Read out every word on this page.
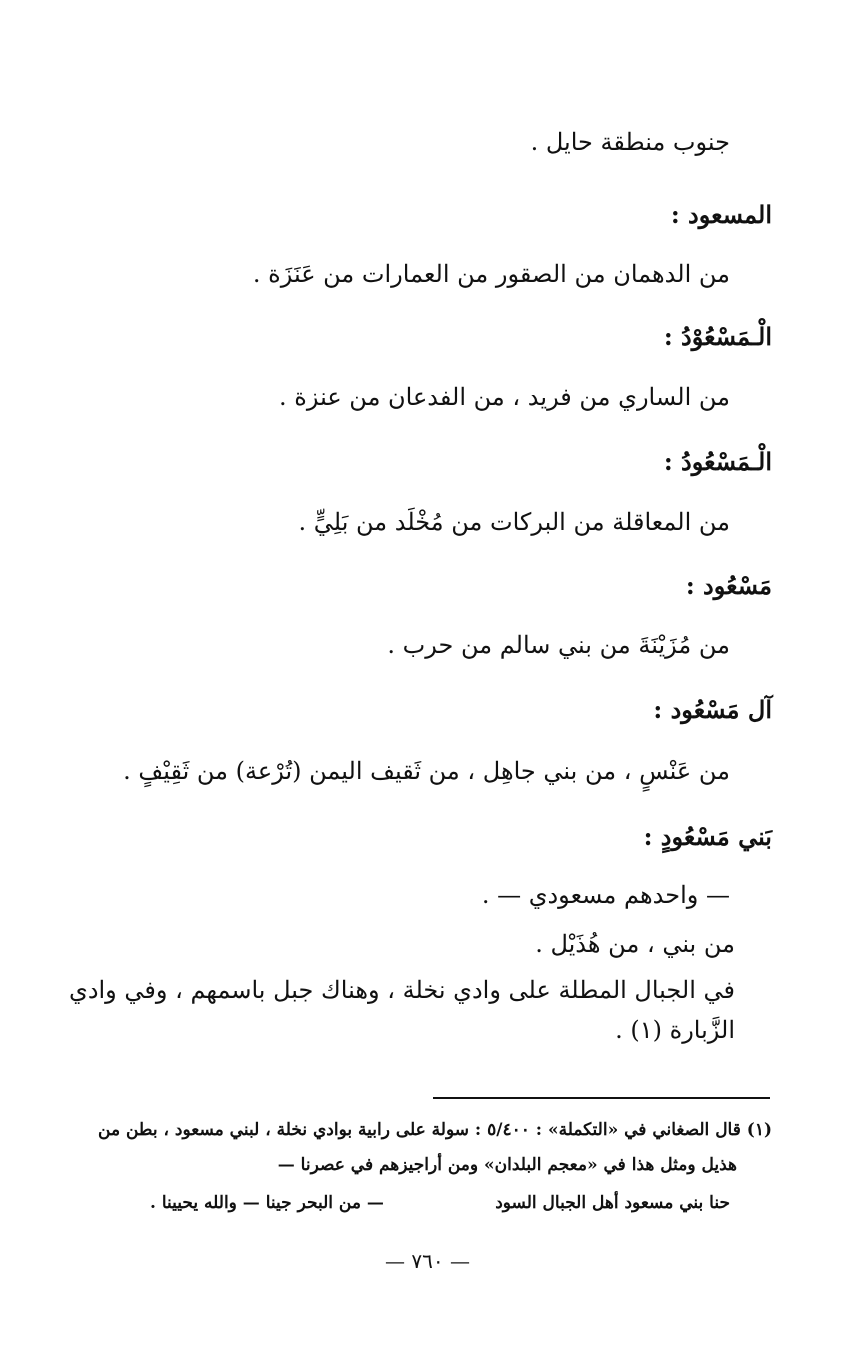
جنوب منطقة حايل .
المسعود :
من الدهمان من الصقور من العمارات من عَنَزَة .
الْـمَسْعُوْدُ :
من الساري من فريد ، من الفدعان من عنزة .
الْـمَسْعُودُ :
من المعاقلة من البركات من مُخْلَد من بَلِيٍّ .
مَسْعُود :
من مُزَيْنَةَ من بني سالم من حرب .
آل مَسْعُود :
من عَنْسٍ ، من بني جاهِل ، من ثَقيف اليمن (تُرْعة) من ثَقِيْفٍ .
بَني مَسْعُودٍ :
— واحدهم مسعودي — .
من بني ، من هُذَيْل .
في الجبال المطلة على وادي نخلة ، وهناك جبل باسمهم ، وفي وادي
الزَّبارة (١) .
(١) قال الصغاني في «التكملة» : ٥/٤٠٠ : سولة على رابية بوادي نخلة ، لبني مسعود ، بطن من
هذيل ومثل هذا في «معجم البلدان» ومن أراجيزهم في عصرنا —
حنا بني مسعود أهل الجبال السود
— من البحر جينا — والله يحيينا .
— ٧٦٠ —
